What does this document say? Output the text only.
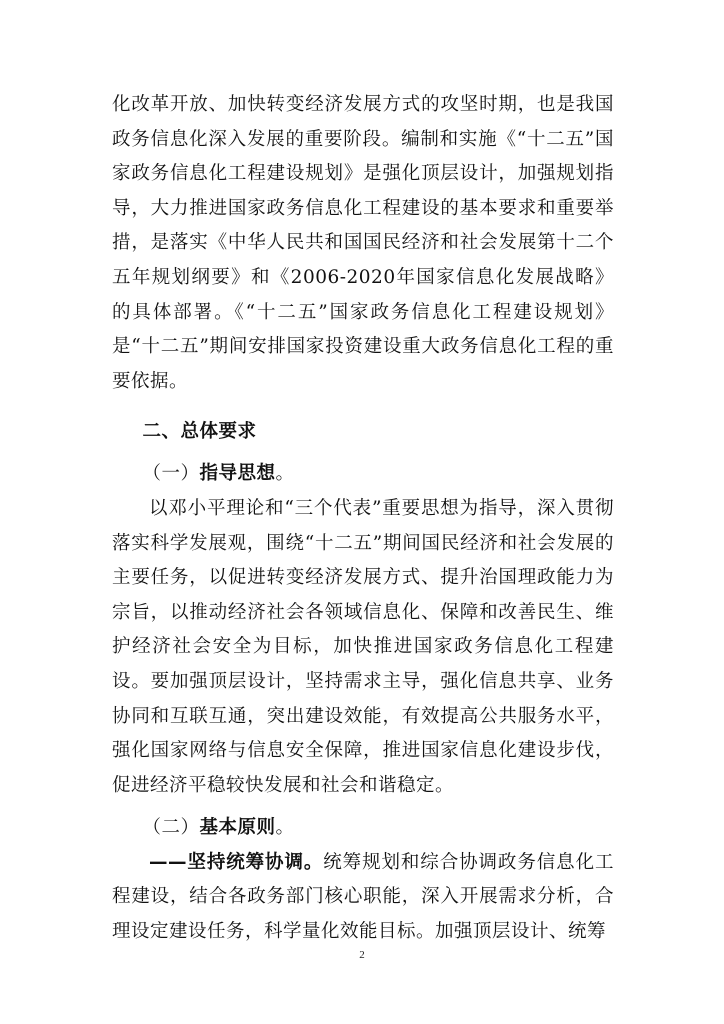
化改革开放、加快转变经济发展方式的攻坚时期，也是我国政务信息化深入发展的重要阶段。编制和实施《“十二五”国家政务信息化工程建设规划》是强化顶层设计，加强规划指导，大力推进国家政务信息化工程建设的基本要求和重要举措，是落实《中华人民共和国国民经济和社会发展第十二个五年规划纲要》和《2006-2020年国家信息化发展战略》的具体部署。《“十二五”国家政务信息化工程建设规划》是“十二五”期间安排国家投资建设重大政务信息化工程的重要依据。

二、总体要求

（一）指导思想。

以邓小平理论和“三个代表”重要思想为指导，深入贯彻落实科学发展观，围绕“十二五”期间国民经济和社会发展的主要任务，以促进转变经济发展方式、提升治国理政能力为宗旨，以推动经济社会各领域信息化、保障和改善民生、维护经济社会安全为目标，加快推进国家政务信息化工程建设。要加强顶层设计，坚持需求主导，强化信息共享、业务协同和互联互通，突出建设效能，有效提高公共服务水平，强化国家网络与信息安全保障，推进国家信息化建设步伐，促进经济平稳较快发展和社会和谐稳定。

（二）基本原则。

——坚持统筹协调。统筹规划和综合协调政务信息化工程建设，结合各政务部门核心职能，深入开展需求分析，合理设定建设任务，科学量化效能目标。加强顶层设计、统筹

2
